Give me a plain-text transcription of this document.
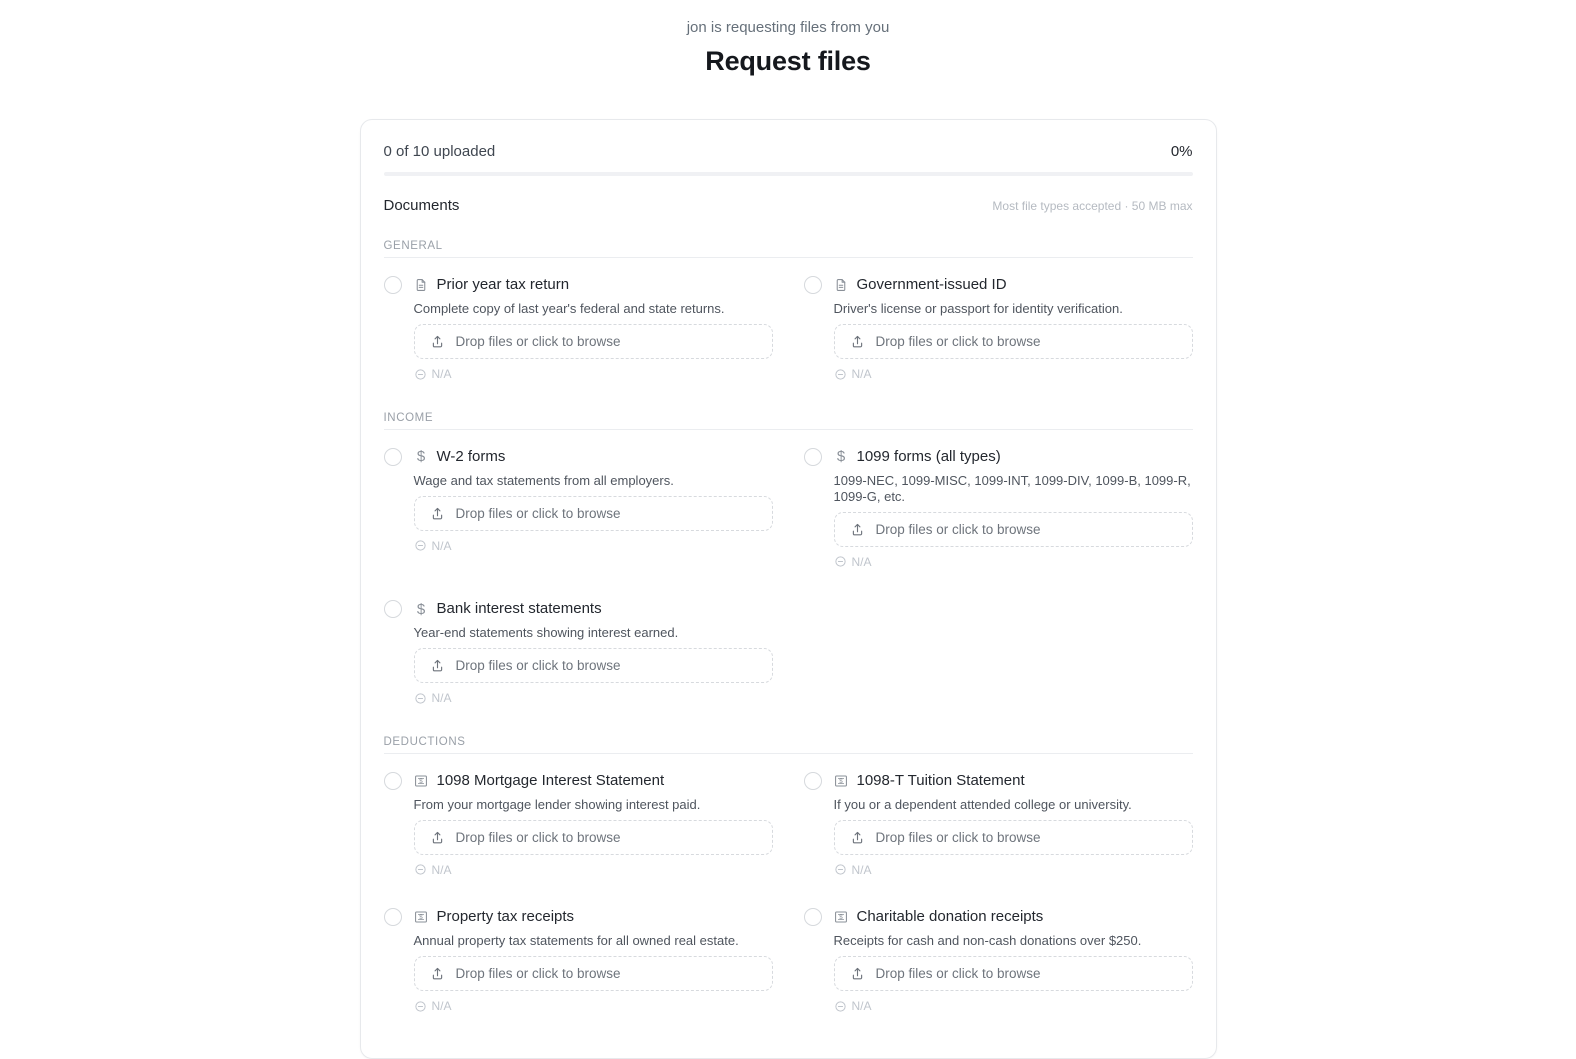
jon is requesting files from you
Request files
0 of 10 uploaded	0%
Documents	Most file types accepted · 50 MB max
GENERAL
Prior year tax return
Complete copy of last year's federal and state returns.
Drop files or click to browse
N/A
Government-issued ID
Driver's license or passport for identity verification.
Drop files or click to browse
N/A
INCOME
$ W-2 forms
Wage and tax statements from all employers.
Drop files or click to browse
N/A
$ 1099 forms (all types)
1099-NEC, 1099-MISC, 1099-INT, 1099-DIV, 1099-B, 1099-R, 1099-G, etc.
Drop files or click to browse
N/A
$ Bank interest statements
Year-end statements showing interest earned.
Drop files or click to browse
N/A
DEDUCTIONS
$ 1098 Mortgage Interest Statement
From your mortgage lender showing interest paid.
Drop files or click to browse
N/A
$ 1098-T Tuition Statement
If you or a dependent attended college or university.
Drop files or click to browse
N/A
$ Property tax receipts
Annual property tax statements for all owned real estate.
Drop files or click to browse
N/A
$ Charitable donation receipts
Receipts for cash and non-cash donations over $250.
Drop files or click to browse
N/A
